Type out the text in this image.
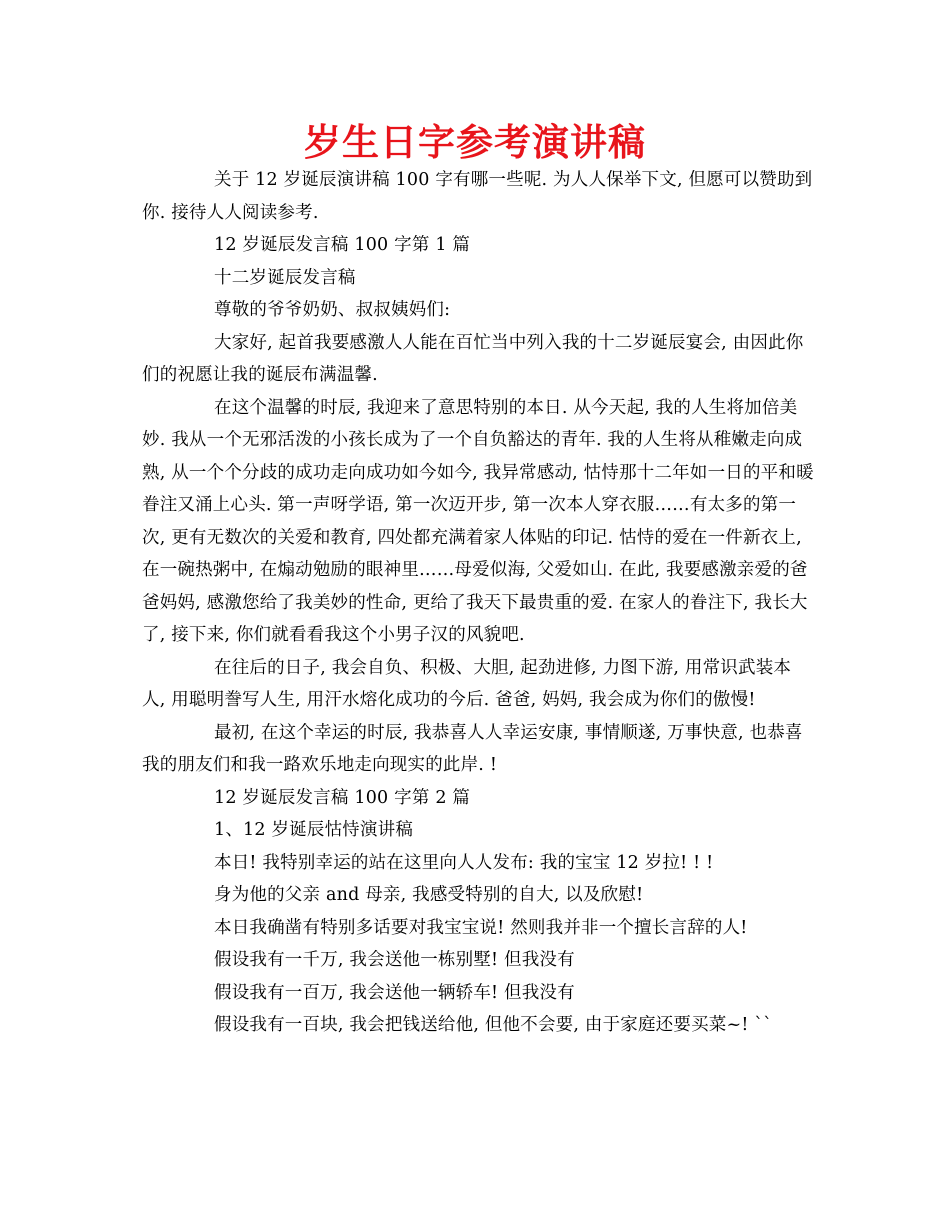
岁生日字参考演讲稿

关于 12 岁诞辰演讲稿 100 字有哪一些呢. 为人人保举下文, 但愿可以赞助到你. 接待人人阅读参考.

12 岁诞辰发言稿 100 字第 1 篇

十二岁诞辰发言稿

尊敬的爷爷奶奶、叔叔姨妈们:

大家好, 起首我要感激人人能在百忙当中列入我的十二岁诞辰宴会, 由因此你们的祝愿让我的诞辰布满温馨.

在这个温馨的时辰, 我迎来了意思特别的本日. 从今天起, 我的人生将加倍美妙. 我从一个无邪活泼的小孩长成为了一个自负豁达的青年. 我的人生将从稚嫩走向成熟, 从一个个分歧的成功走向成功如今如今, 我异常感动, 怙恃那十二年如一日的平和暖眷注又涌上心头. 第一声呀学语, 第一次迈开步, 第一次本人穿衣服……有太多的第一次, 更有无数次的关爱和教育, 四处都充满着家人体贴的印记. 怙恃的爱在一件新衣上, 在一碗热粥中, 在煽动勉励的眼神里……母爱似海, 父爱如山. 在此, 我要感激亲爱的爸爸妈妈, 感激您给了我美妙的性命, 更给了我天下最贵重的爱. 在家人的眷注下, 我长大了, 接下来, 你们就看看我这个小男子汉的风貌吧.

在往后的日子, 我会自负、积极、大胆, 起劲进修, 力图下游, 用常识武装本人, 用聪明誊写人生, 用汗水熔化成功的今后. 爸爸, 妈妈, 我会成为你们的傲慢!

最初, 在这个幸运的时辰, 我恭喜人人幸运安康, 事情顺遂, 万事快意, 也恭喜我的朋友们和我一路欢乐地走向现实的此岸. !

12 岁诞辰发言稿 100 字第 2 篇

1、12 岁诞辰怙恃演讲稿

本日! 我特别幸运的站在这里向人人发布: 我的宝宝 12 岁拉! ! !

身为他的父亲 and 母亲, 我感受特别的自大, 以及欣慰!

本日我确凿有特别多话要对我宝宝说! 然则我并非一个擅长言辞的人!

假设我有一千万, 我会送他一栋别墅! 但我没有

假设我有一百万, 我会送他一辆轿车! 但我没有

假设我有一百块, 我会把钱送给他, 但他不会要, 由于家庭还要买菜~! ``
